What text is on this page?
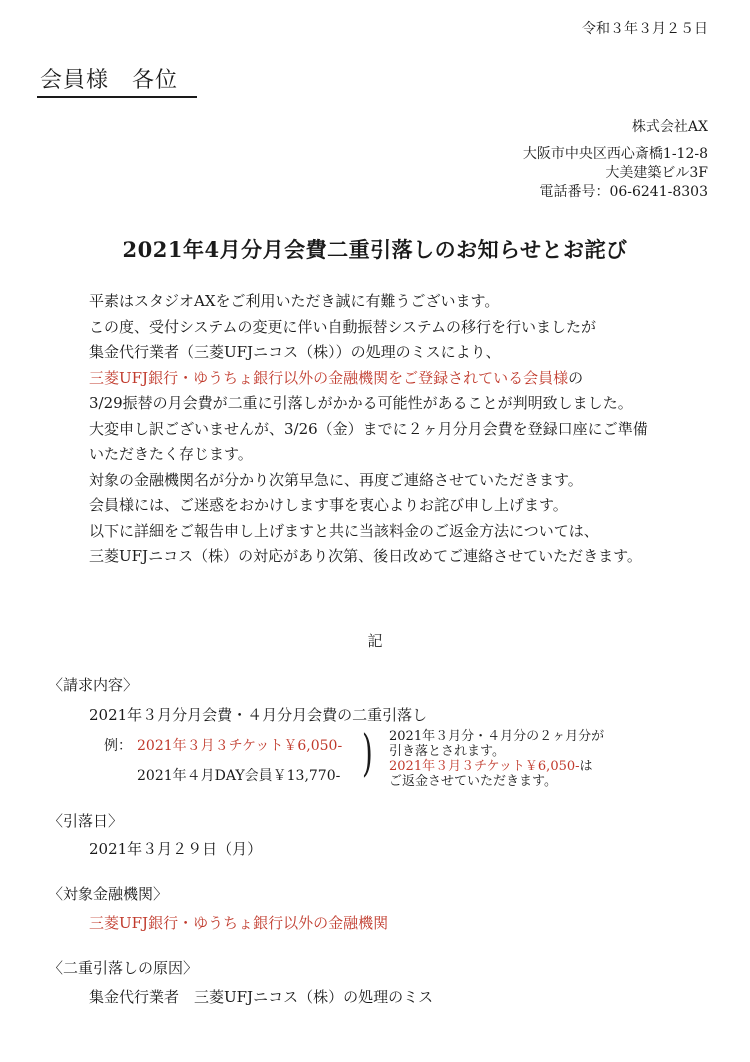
令和３年３月２５日
会員様　各位
株式会社AX
大阪市中央区西心斎橋1-12-8
大美建築ビル3F
電話番号：06-6241-8303
2021年4月分月会費二重引落しのお知らせとお詫び
平素はスタジオAXをご利用いただき誠に有難うございます。
この度、受付システムの変更に伴い自動振替システムの移行を行いましたが
集金代行業者（三菱UFJニコス（株））の処理のミスにより、
三菱UFJ銀行・ゆうちょ銀行以外の金融機関をご登録されている会員様の
3/29振替の月会費が二重に引落しがかかる可能性があることが判明致しました。
大変申し訳ございませんが、3/26（金）までに２ヶ月分月会費を登録口座にご準備
いただきたく存じます。
対象の金融機関名が分かり次第早急に、再度ご連絡させていただきます。
会員様には、ご迷惑をおかけします事を衷心よりお詫び申し上げます。
以下に詳細をご報告申し上げますと共に当該料金のご返金方法については、
三菱UFJニコス（株）の対応があり次第、後日改めてご連絡させていただきます。
記
〈請求内容〉
2021年３月分月会費・４月分月会費の二重引落し
例： 2021年３月３チケット￥6,050-
2021年４月DAY会員￥13,770- ) 2021年３月分・４月分の２ヶ月分が
引き落とされます。
2021年３月３チケット￥6,050-は
ご返金させていただきます。
〈引落日〉
2021年３月２９日（月）
〈対象金融機関〉
三菱UFJ銀行・ゆうちょ銀行以外の金融機関
〈二重引落しの原因〉
集金代行業者　三菱UFJニコス（株）の処理のミス
